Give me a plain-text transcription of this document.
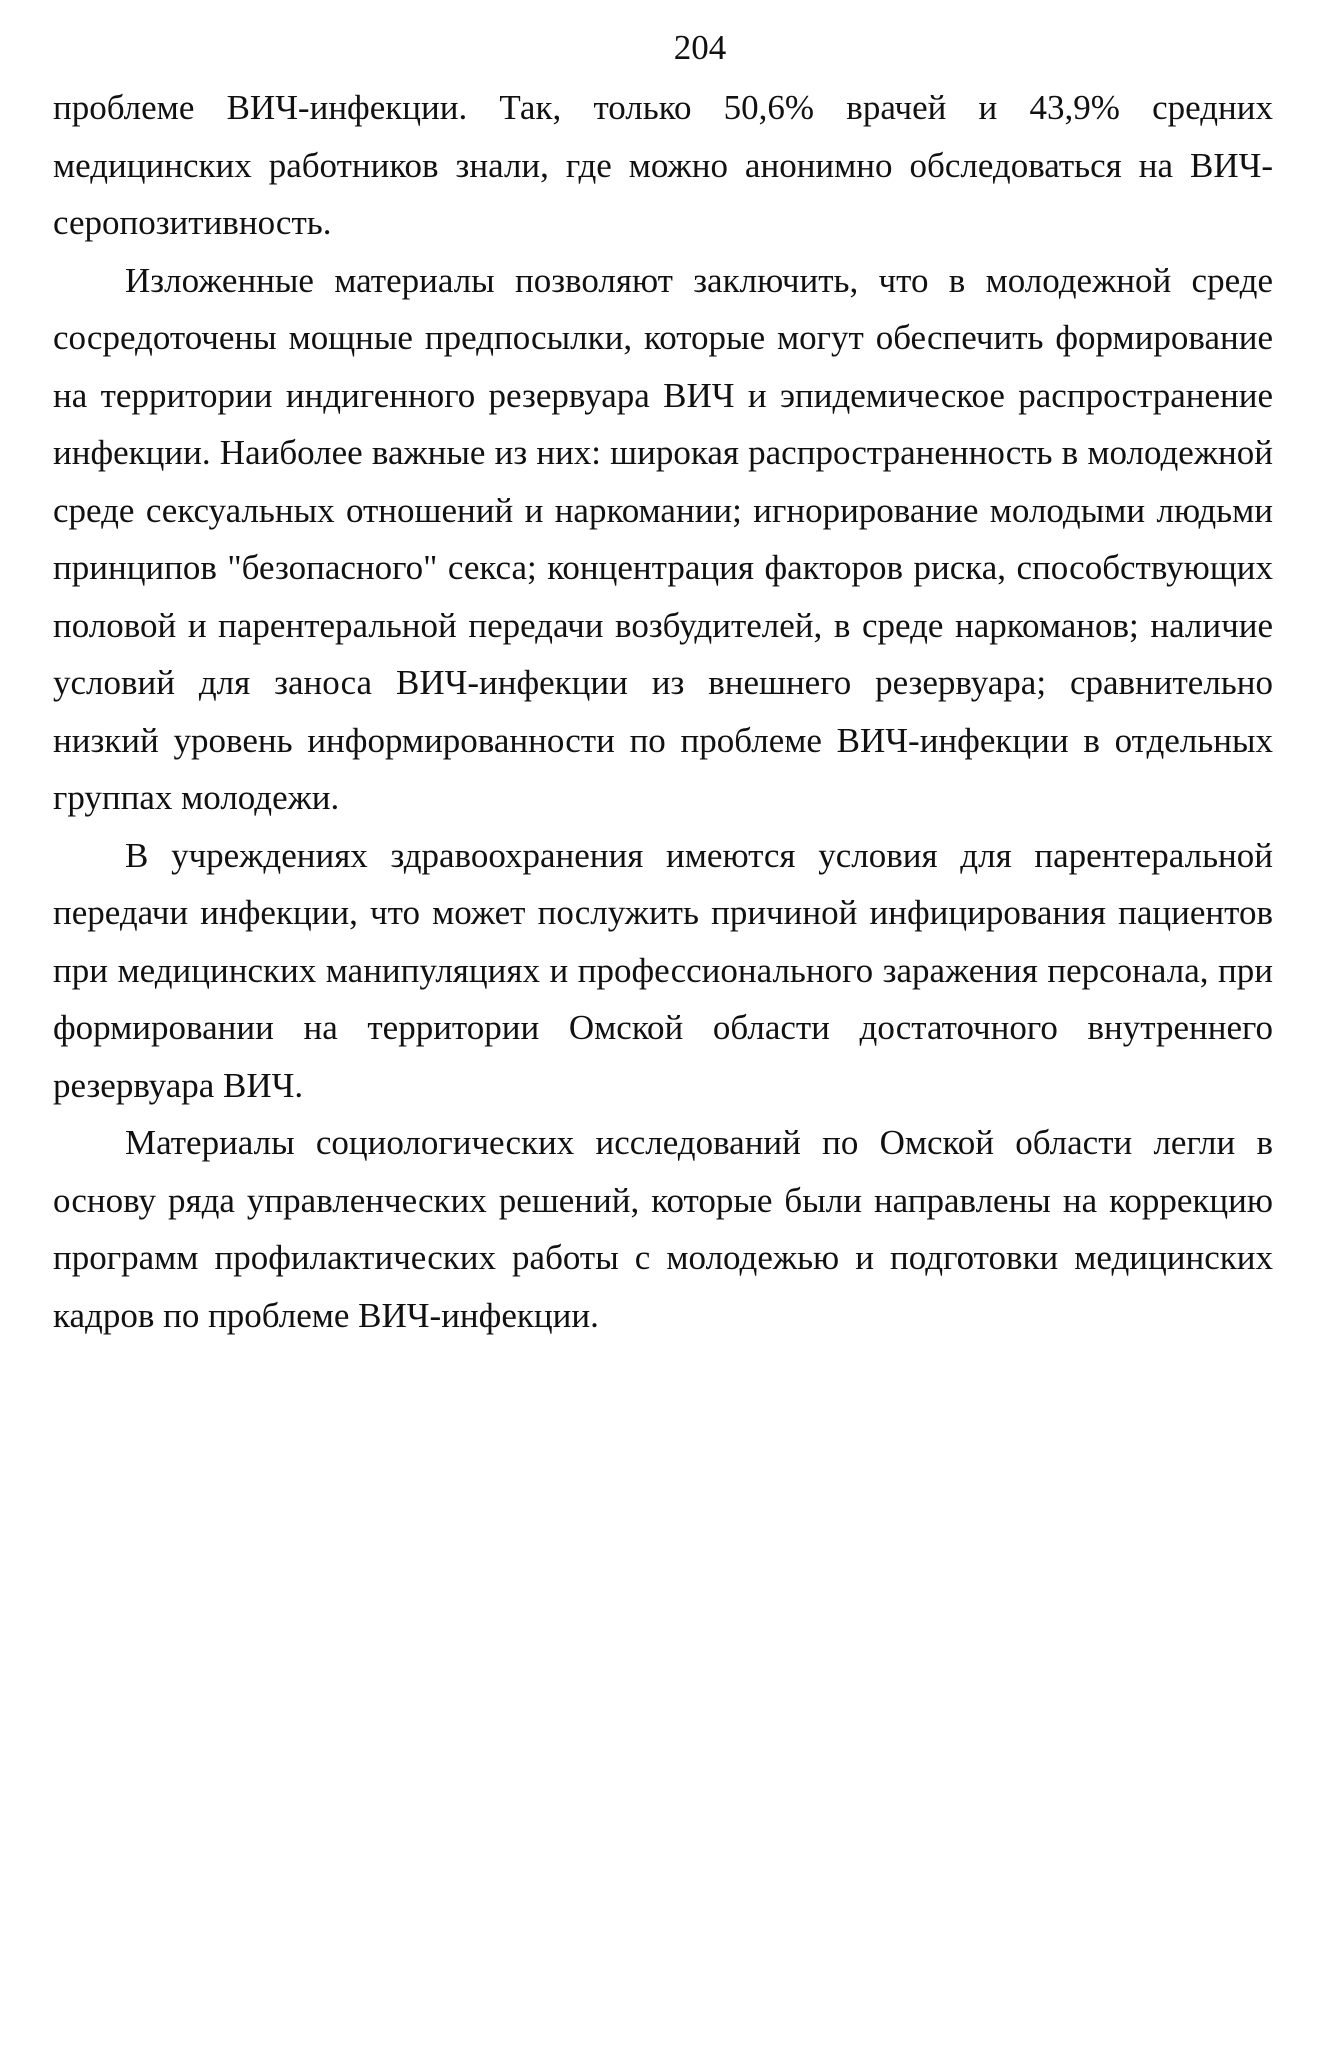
204

проблеме ВИЧ-инфекции. Так, только 50,6% врачей и 43,9% средних медицинских работников знали, где можно анонимно обследоваться на ВИЧ-серопозитивность.

Изложенные материалы позволяют заключить, что в молодежной среде сосредоточены мощные предпосылки, которые могут обеспечить формирование на территории индигенного резервуара ВИЧ и эпидемическое распространение инфекции. Наиболее важные из них: широкая распространенность в молодежной среде сексуальных отношений и наркомании; игнорирование молодыми людьми принципов "безопасного" секса; концентрация факторов риска, способствующих половой и парентеральной передачи возбудителей, в среде наркоманов; наличие условий для заноса ВИЧ-инфекции из внешнего резервуара; сравнительно низкий уровень информированности по проблеме ВИЧ-инфекции в отдельных группах молодежи.

В учреждениях здравоохранения имеются условия для парентеральной передачи инфекции, что может послужить причиной инфицирования пациентов при медицинских манипуляциях и профессионального заражения персонала, при формировании на территории Омской области достаточного внутреннего резервуара ВИЧ.

Материалы социологических исследований по Омской области легли в основу ряда управленческих решений, которые были направлены на коррекцию программ профилактических работы с молодежью и подготовки медицинских кадров по проблеме ВИЧ-инфекции.
